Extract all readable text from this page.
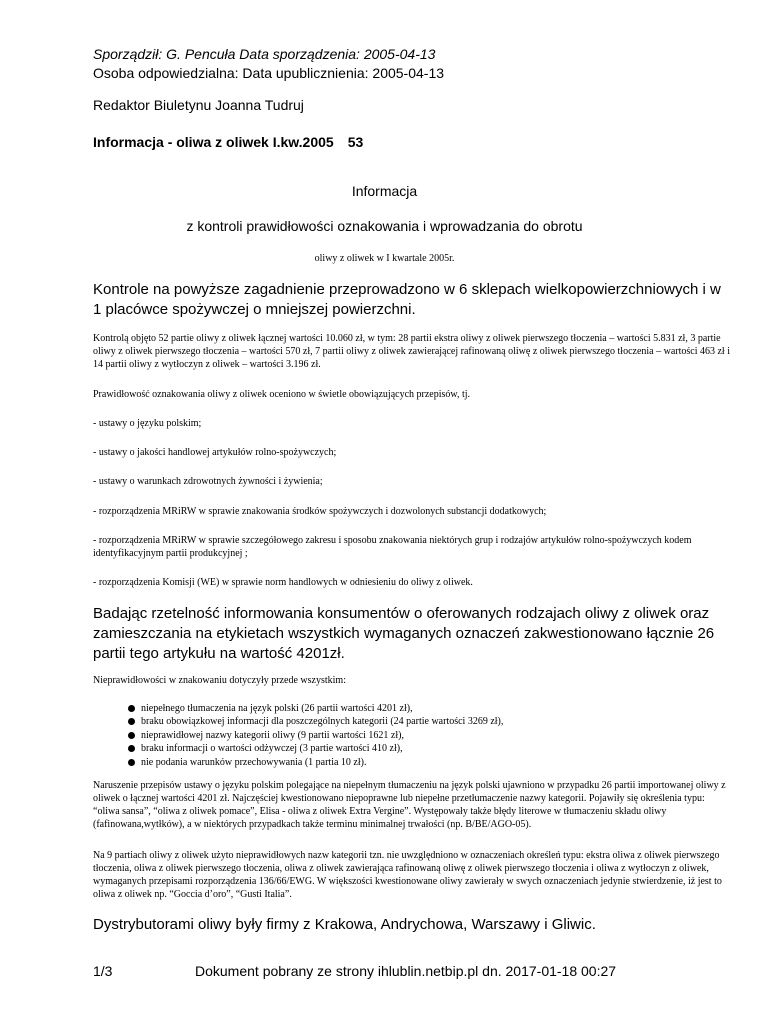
Sporządził: G. Pencuła Data sporządzenia: 2005-04-13
Osoba odpowiedzialna: Data upublicznienia: 2005-04-13
Redaktor Biuletynu Joanna Tudruj
Informacja - oliwa z oliwek I.kw.2005 53
Informacja
z kontroli prawidłowości oznakowania i wprowadzania do obrotu
oliwy z oliwek w I kwartale 2005r.
Kontrole na powyższe zagadnienie przeprowadzono w 6 sklepach wielkopowierzchniowych i w 1 placówce spożywczej o mniejszej powierzchni.

Kontrolą objęto 52 partie oliwy z oliwek łącznej wartości 10.060 zł, w tym: 28 partii ekstra oliwy z oliwek pierwszego tłoczenia – wartości 5.831 zł, 3 partie oliwy z oliwek pierwszego tłoczenia – wartości 570 zł, 7 partii oliwy z oliwek zawierającej rafinowaną oliwę z oliwek pierwszego tłoczenia – wartości 463 zł i 14 partii oliwy z wytłoczyn z oliwek – wartości 3.196 zł.

Prawidłowość oznakowania oliwy z oliwek oceniono w świetle obowiązujących przepisów, tj.

- ustawy o języku polskim;

- ustawy o jakości handlowej artykułów rolno-spożywczych;

- ustawy o warunkach zdrowotnych żywności i żywienia;

- rozporządzenia MRiRW w sprawie znakowania środków spożywczych i dozwolonych substancji dodatkowych;

- rozporządzenia MRiRW w sprawie szczegółowego zakresu i sposobu znakowania niektórych grup i rodzajów artykułów rolno-spożywczych kodem identyfikacyjnym partii produkcyjnej ;

- rozporządzenia Komisji (WE) w sprawie norm handlowych w odniesieniu do oliwy z oliwek.

Badając rzetelność informowania konsumentów o oferowanych rodzajach oliwy z oliwek oraz zamieszczania na etykietach wszystkich wymaganych oznaczeń zakwestionowano łącznie 26 partii tego artykułu na wartość 4201zł.

Nieprawidłowości w znakowaniu dotyczyły przede wszystkim:

niepełnego tłumaczenia na język polski (26 partii wartości 4201 zł),
braku obowiązkowej informacji dla poszczególnych kategorii (24 partie wartości 3269 zł),
nieprawidłowej nazwy kategorii oliwy (9 partii wartości 1621 zł),
braku informacji o wartości odżywczej (3 partie wartości 410 zł),
nie podania warunków przechowywania (1 partia 10 zł).

Naruszenie przepisów ustawy o języku polskim polegające na niepełnym tłumaczeniu na język polski ujawniono w przypadku 26 partii importowanej oliwy z oliwek o łącznej wartości 4201 zł. Najczęściej kwestionowano niepoprawne lub niepełne przetłumaczenie nazwy kategorii. Pojawiły się określenia typu: “oliwa sansa”, “oliwa z oliwek pomace”, Elisa - oliwa z oliwek Extra Vergine”. Występowały także błędy literowe w tłumaczeniu składu oliwy (fafinowana,wytłków), a w niektórych przypadkach także terminu minimalnej trwałości (np. B/BE/AGO-05).

Na 9 partiach oliwy z oliwek użyto nieprawidłowych nazw kategorii tzn. nie uwzględniono w oznaczeniach określeń typu: ekstra oliwa z oliwek pierwszego tłoczenia, oliwa z oliwek pierwszego tłoczenia, oliwa z oliwek zawierająca rafinowaną oliwę z oliwek pierwszego tłoczenia i oliwa z wytłoczyn z oliwek, wymaganych przepisami rozporządzenia 136/66/EWG. W większości kwestionowane oliwy zawierały w swych oznaczeniach jedynie stwierdzenie, iż jest to oliwa z oliwek np. “Goccia d’oro”, “Gusti Italia”.

Dystrybutorami oliwy były firmy z Krakowa, Andrychowa, Warszawy i Gliwic.
1/3	Dokument pobrany ze strony ihlublin.netbip.pl dn. 2017-01-18 00:27
